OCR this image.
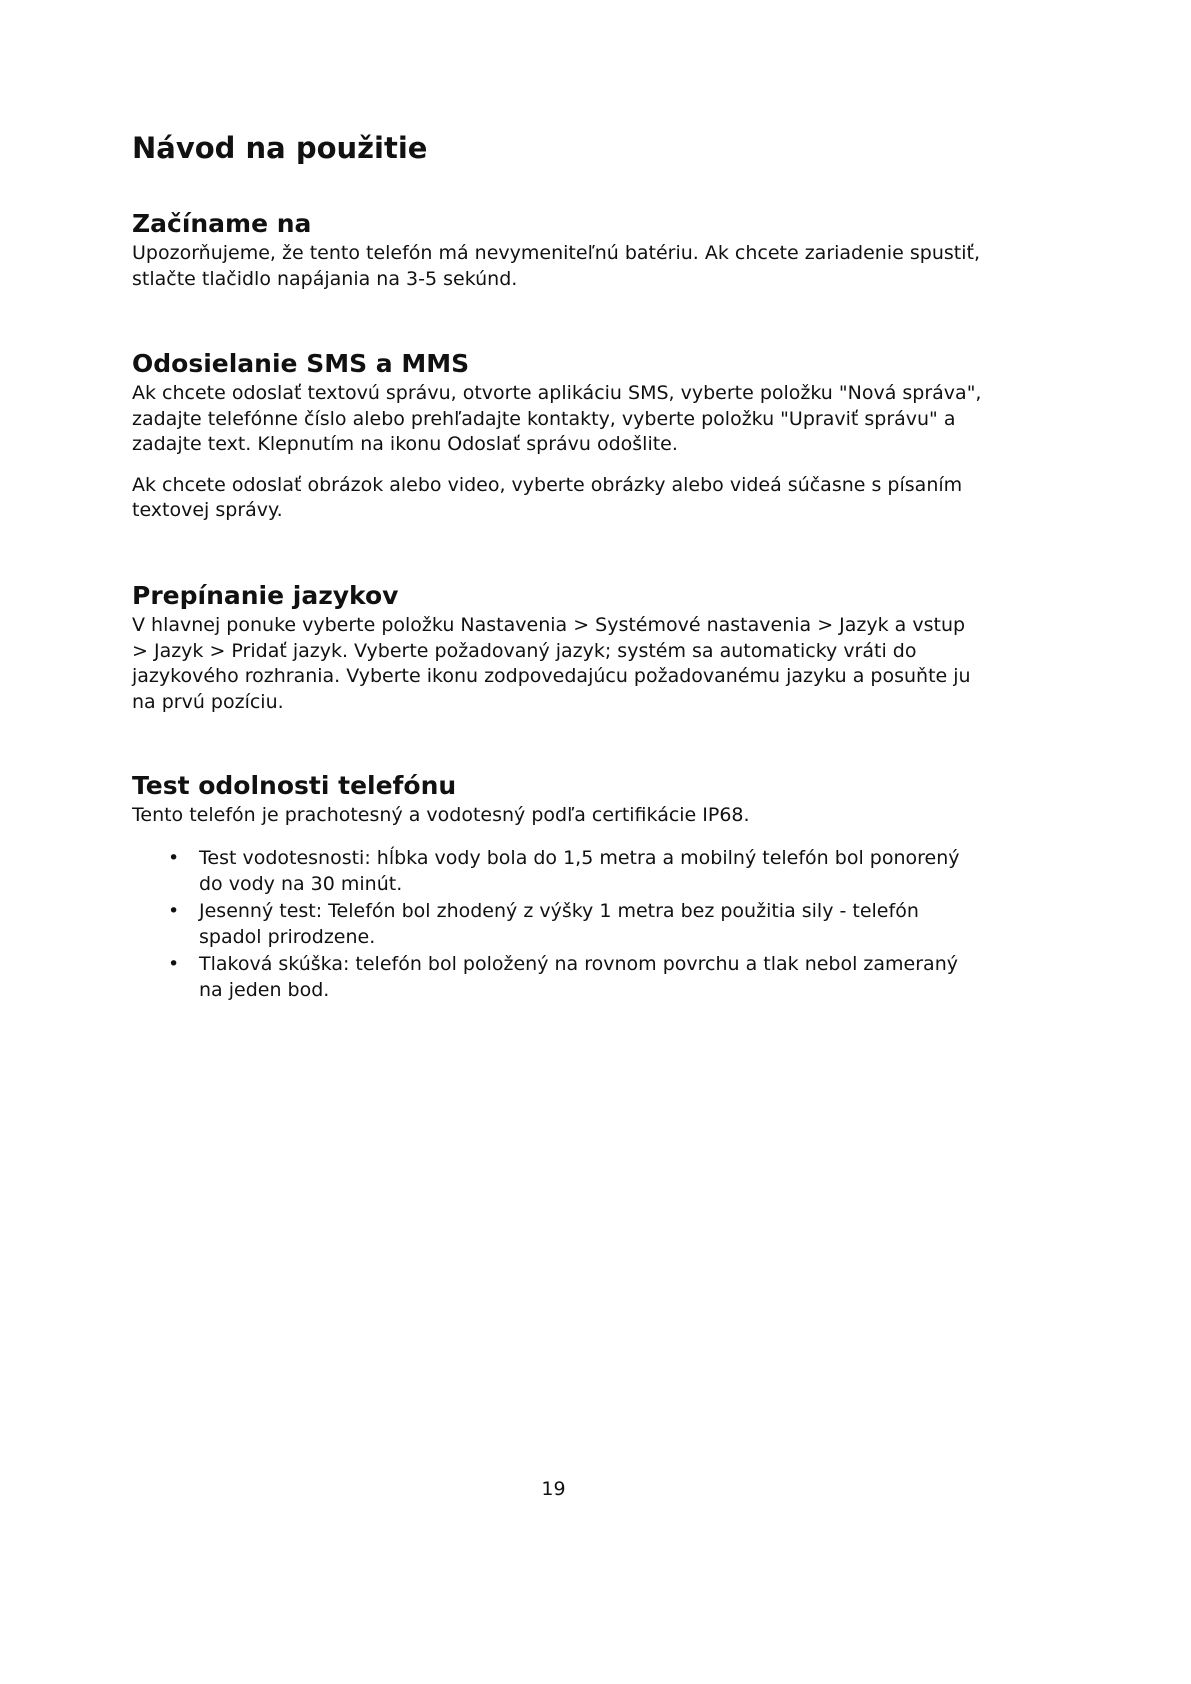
Návod na použitie
Začíname na

Upozorňujeme, že tento telefón má nevymeniteľnú batériu. Ak chcete zariadenie spustiť, stlačte tlačidlo napájania na 3-5 sekúnd.

Odosielanie SMS a MMS

Ak chcete odoslať textovú správu, otvorte aplikáciu SMS, vyberte položku "Nová správa", zadajte telefónne číslo alebo prehľadajte kontakty, vyberte položku "Upraviť správu" a zadajte text. Klepnutím na ikonu Odoslať správu odošlite.

Ak chcete odoslať obrázok alebo video, vyberte obrázky alebo videá súčasne s písaním textovej správy.

Prepínanie jazykov

V hlavnej ponuke vyberte položku Nastavenia > Systémové nastavenia > Jazyk a vstup > Jazyk > Pridať jazyk. Vyberte požadovaný jazyk; systém sa automaticky vráti do jazykového rozhrania. Vyberte ikonu zodpovedajúcu požadovanému jazyku a posuňte ju na prvú pozíciu.

Test odolnosti telefónu

Tento telefón je prachotesný a vodotesný podľa certifikácie IP68.

• Test vodotesnosti: hĺbka vody bola do 1,5 metra a mobilný telefón bol ponorený do vody na 30 minút.
• Jesenný test: Telefón bol zhodený z výšky 1 metra bez použitia sily - telefón spadol prirodzene.
• Tlaková skúška: telefón bol položený na rovnom povrchu a tlak nebol zameraný na jeden bod.
19
